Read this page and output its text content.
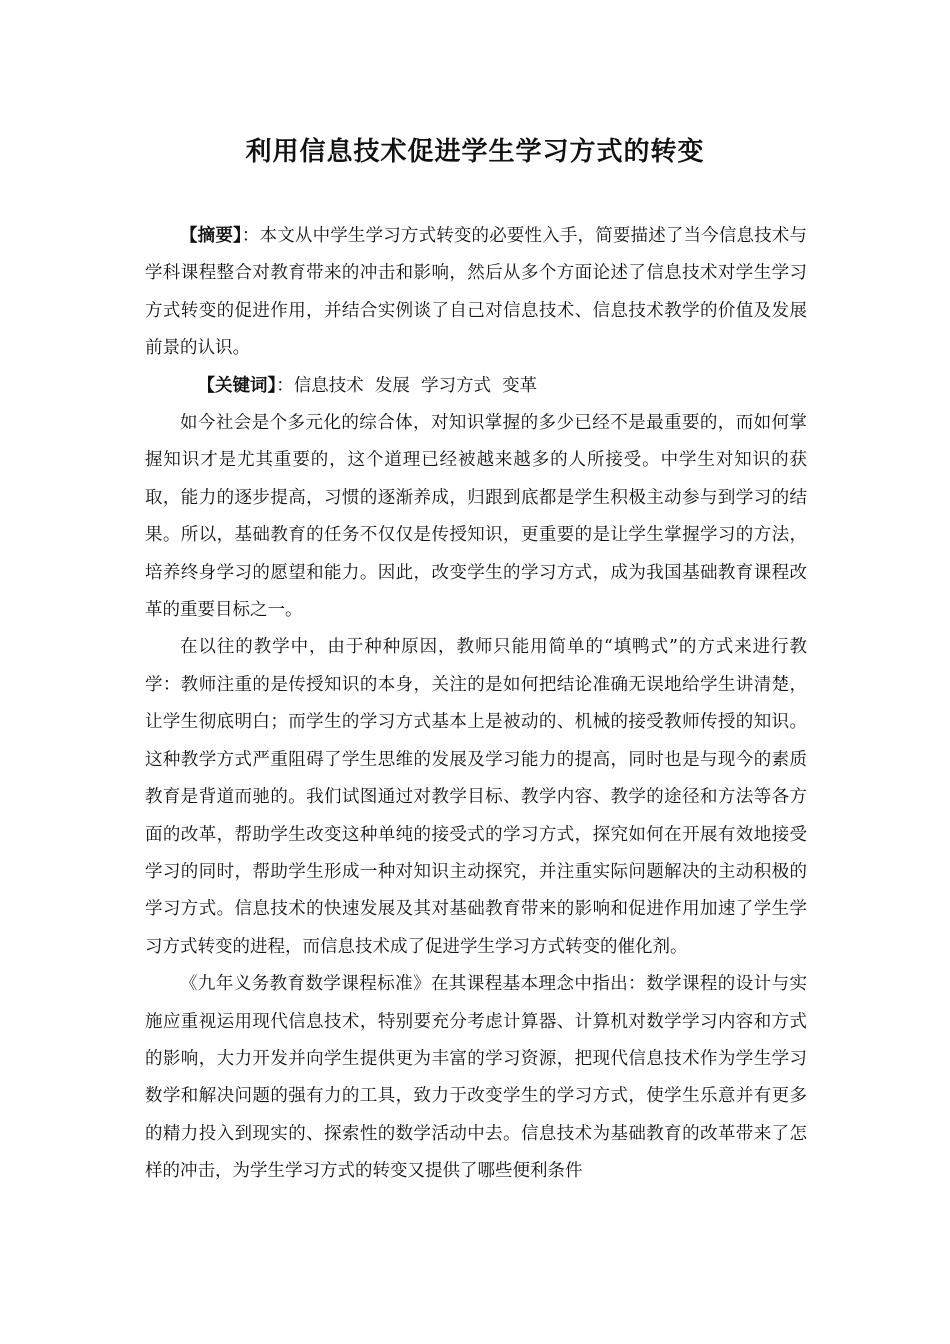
利用信息技术促进学生学习方式的转变

【摘要】：本文从中学生学习方式转变的必要性入手，简要描述了当今信息技术与学科课程整合对教育带来的冲击和影响，然后从多个方面论述了信息技术对学生学习方式转变的促进作用，并结合实例谈了自己对信息技术、信息技术教学的价值及发展前景的认识。

【关键词】：信息技术  发展  学习方式  变革

如今社会是个多元化的综合体，对知识掌握的多少已经不是最重要的，而如何掌握知识才是尤其重要的，这个道理已经被越来越多的人所接受。中学生对知识的获取，能力的逐步提高，习惯的逐渐养成，归跟到底都是学生积极主动参与到学习的结果。所以，基础教育的任务不仅仅是传授知识，更重要的是让学生掌握学习的方法，培养终身学习的愿望和能力。因此，改变学生的学习方式，成为我国基础教育课程改革的重要目标之一。

在以往的教学中，由于种种原因，教师只能用简单的“填鸭式”的方式来进行教学：教师注重的是传授知识的本身，关注的是如何把结论准确无误地给学生讲清楚，让学生彻底明白；而学生的学习方式基本上是被动的、机械的接受教师传授的知识。这种教学方式严重阻碍了学生思维的发展及学习能力的提高，同时也是与现今的素质教育是背道而驰的。我们试图通过对教学目标、教学内容、教学的途径和方法等各方面的改革，帮助学生改变这种单纯的接受式的学习方式，探究如何在开展有效地接受学习的同时，帮助学生形成一种对知识主动探究，并注重实际问题解决的主动积极的学习方式。信息技术的快速发展及其对基础教育带来的影响和促进作用加速了学生学习方式转变的进程，而信息技术成了促进学生学习方式转变的催化剂。

《九年义务教育数学课程标准》在其课程基本理念中指出：数学课程的设计与实施应重视运用现代信息技术，特别要充分考虑计算器、计算机对数学学习内容和方式的影响，大力开发并向学生提供更为丰富的学习资源，把现代信息技术作为学生学习数学和解决问题的强有力的工具，致力于改变学生的学习方式，使学生乐意并有更多的精力投入到现实的、探索性的数学活动中去。信息技术为基础教育的改革带来了怎样的冲击，为学生学习方式的转变又提供了哪些便利条件
